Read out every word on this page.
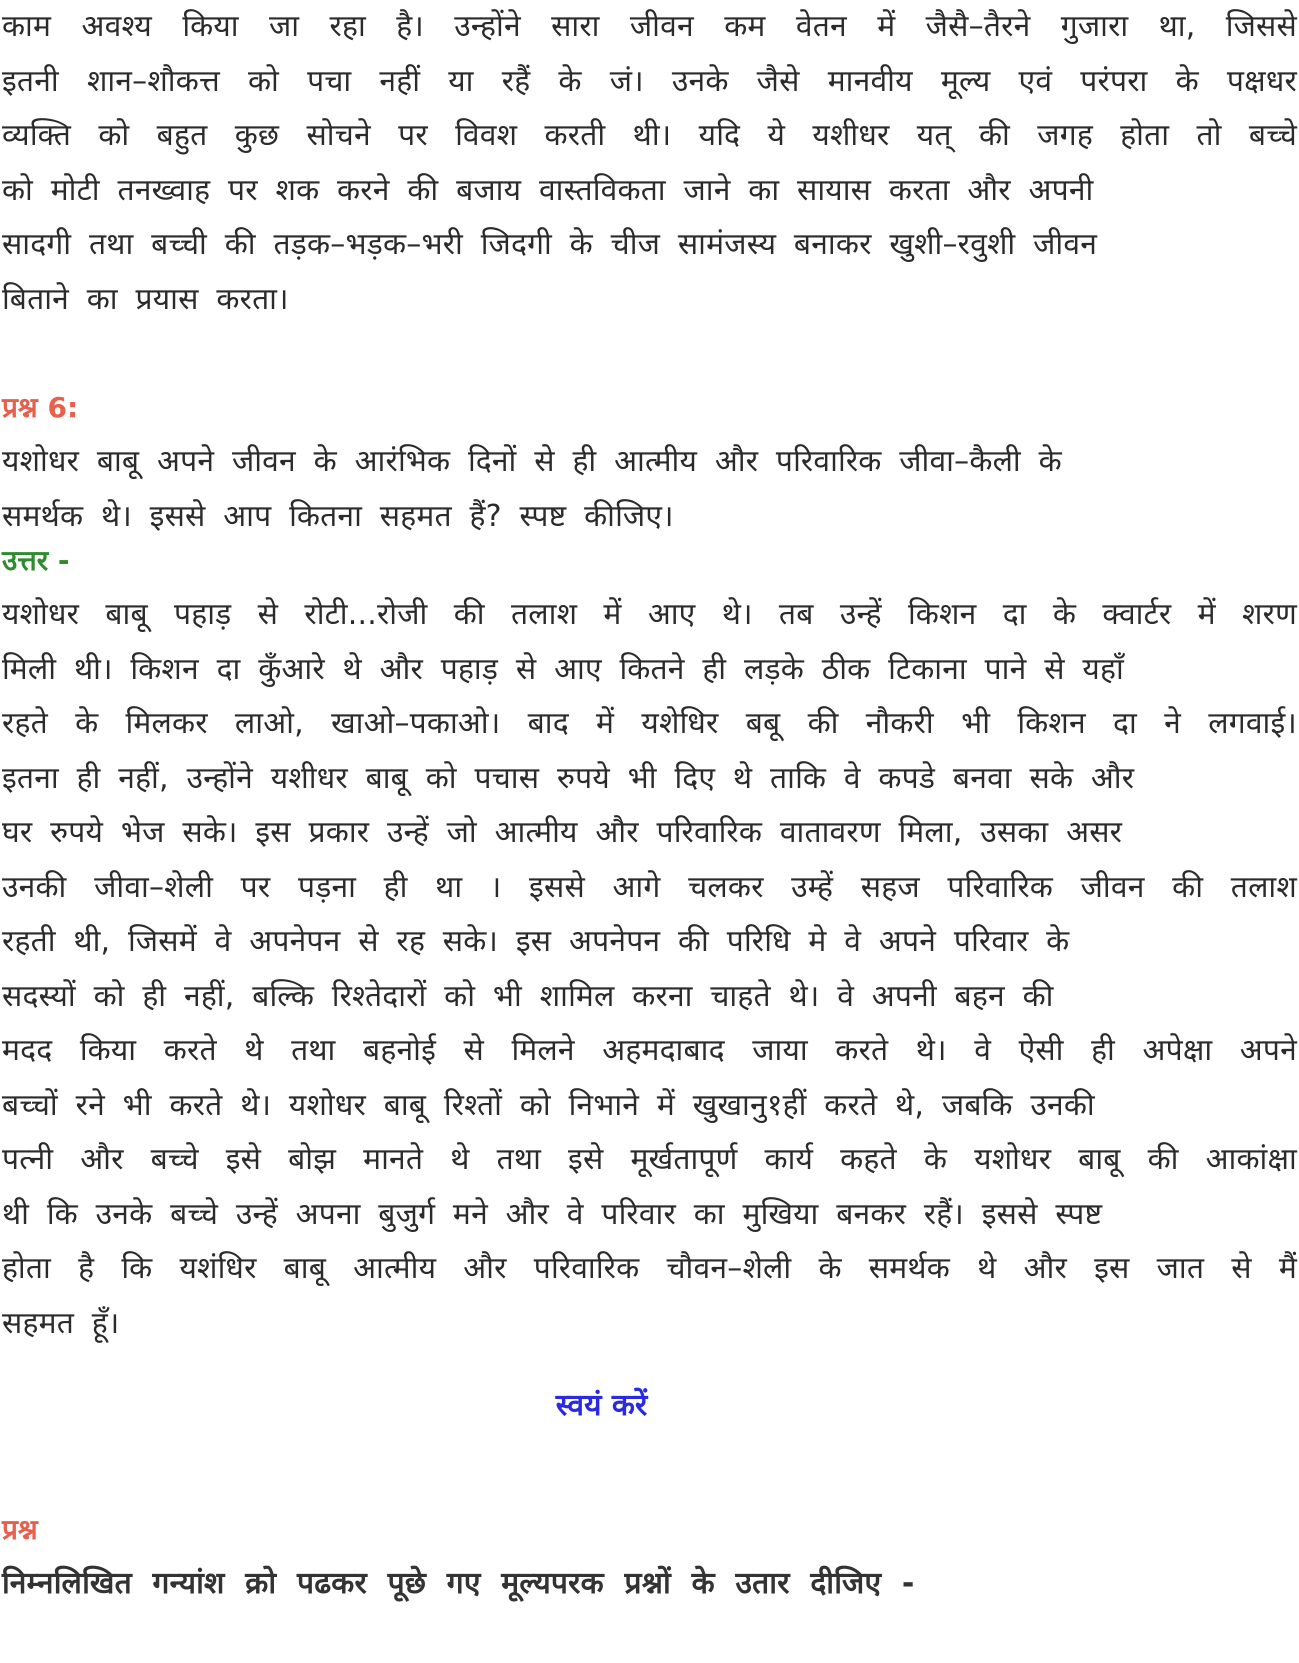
काम अवश्य किया जा रहा है। उन्होंने सारा जीवन कम वेतन में जैसै–तैरने गुजारा था, जिससे
इतनी शान–शौकत्त को पचा नहीं या रहैं के जं। उनके जैसे मानवीय मूल्य एवं परंपरा के पक्षधर
व्यक्ति को बहुत कुछ सोचने पर विवश करती थी। यदि ये यशीधर यत् की जगह होता तो बच्चे
को मोटी तनख्वाह पर शक करने की बजाय वास्तविकता जाने का सायास करता और अपनी
सादगी तथा बच्ची की तड़क–भड़क–भरी जिदगी के चीज सामंजस्य बनाकर खुशी–रवुशी जीवन
बिताने का प्रयास करता।
प्रश्न 6:
यशोधर बाबू अपने जीवन के आरंभिक दिनों से ही आत्मीय और परिवारिक जीवा–कैली के
समर्थक थे। इससे आप कितना सहमत हैं? स्पष्ट कीजिए।
उत्तर -
यशोधर बाबू पहाड़ से रोटी...रोजी की तलाश में आए थे। तब उन्हें किशन दा के क्वार्टर में शरण
मिली थी। किशन दा कुँआरे थे और पहाड़ से आए कितने ही लड़के ठीक टिकाना पाने से यहाँ
रहते के मिलकर लाओ, खाओ–पकाओ। बाद में यशेधिर बबू की नौकरी भी किशन दा ने लगवाई।
इतना ही नहीं, उन्होंने यशीधर बाबू को पचास रुपये भी दिए थे ताकि वे कपडे बनवा सके और
घर रुपये भेज सके। इस प्रकार उन्हें जो आत्मीय और परिवारिक वातावरण मिला, उसका असर
उनकी जीवा–शेली पर पड़ना ही था । इससे आगे चलकर उम्हें सहज परिवारिक जीवन की तलाश
रहती थी, जिसमें वे अपनेपन से रह सके। इस अपनेपन की परिधि मे वे अपने परिवार के
सदस्यों को ही नहीं, बल्कि रिश्तेदारों को भी शामिल करना चाहते थे। वे अपनी बहन की
मदद किया करते थे तथा बहनोई से मिलने अहमदाबाद जाया करते थे। वे ऐसी ही अपेक्षा अपने
बच्चों रने भी करते थे। यशोधर बाबू रिश्तों को निभाने में खुखानु१हीं करते थे, जबकि उनकी
पत्नी और बच्चे इसे बोझ मानते थे तथा इसे मूर्खतापूर्ण कार्य कहते के यशोधर बाबू की आकांक्षा
थी कि उनके बच्चे उन्हें अपना बुजुर्ग मने और वे परिवार का मुखिया बनकर रहैं। इससे स्पष्ट
होता है कि यशंधिर बाबू आत्मीय और परिवारिक चौवन–शेली के समर्थक थे और इस जात से मैं
सहमत हूँ।
स्वयं करें
प्रश्न
निम्नलिखित गन्यांश क्रो पढकर पूछे गए मूल्यपरक प्रश्नों के उतार दीजिए -
